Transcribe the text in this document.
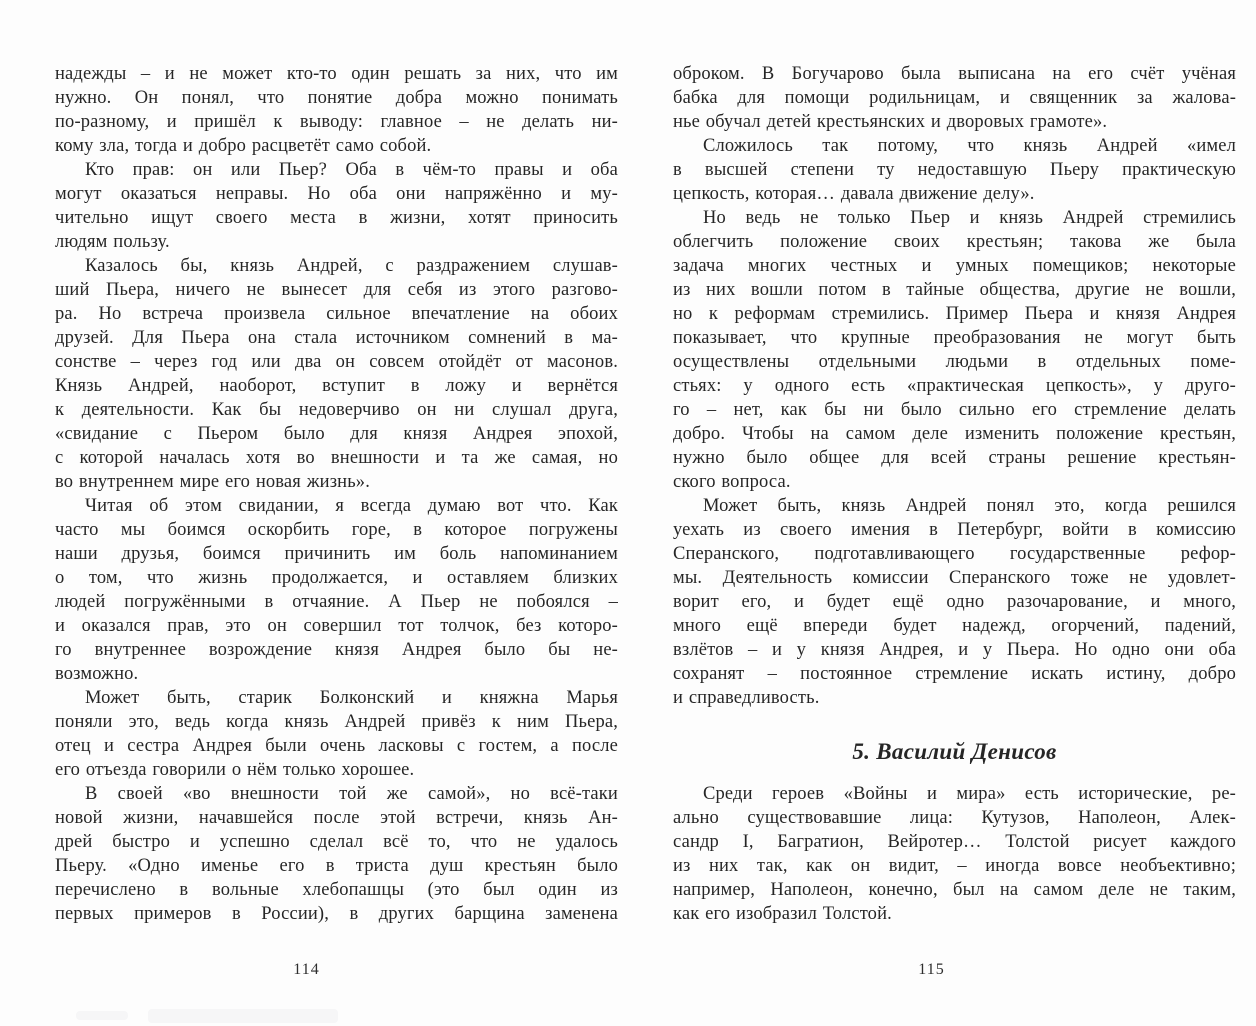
надежды – и не может кто-то один решать за них, что им
нужно. Он понял, что понятие добра можно понимать
по-разному, и пришёл к выводу: главное – не делать ни-
кому зла, тогда и добро расцветёт само собой.
Кто прав: он или Пьер? Оба в чём-то правы и оба
могут оказаться неправы. Но оба они напряжённо и му-
чительно ищут своего места в жизни, хотят приносить
людям пользу.
Казалось бы, князь Андрей, с раздражением слушав-
ший Пьера, ничего не вынесет для себя из этого разгово-
ра. Но встреча произвела сильное впечатление на обоих
друзей. Для Пьера она стала источником сомнений в ма-
сонстве – через год или два он совсем отойдёт от масонов.
Князь Андрей, наоборот, вступит в ложу и вернётся
к деятельности. Как бы недоверчиво он ни слушал друга,
«свидание с Пьером было для князя Андрея эпохой,
с которой началась хотя во внешности и та же самая, но
во внутреннем мире его новая жизнь».
Читая об этом свидании, я всегда думаю вот что. Как
часто мы боимся оскорбить горе, в которое погружены
наши друзья, боимся причинить им боль напоминанием
о том, что жизнь продолжается, и оставляем близких
людей погружёнными в отчаяние. А Пьер не побоялся –
и оказался прав, это он совершил тот толчок, без которо-
го внутреннее возрождение князя Андрея было бы не-
возможно.
Может быть, старик Болконский и княжна Марья
поняли это, ведь когда князь Андрей привёз к ним Пьера,
отец и сестра Андрея были очень ласковы с гостем, а после
его отъезда говорили о нём только хорошее.
В своей «во внешности той же самой», но всё-таки
новой жизни, начавшейся после этой встречи, князь Ан-
дрей быстро и успешно сделал всё то, что не удалось
Пьеру. «Одно именье его в триста душ крестьян было
перечислено в вольные хлебопашцы (это был один из
первых примеров в России), в других барщина заменена
оброком. В Богучарово была выписана на его счёт учёная
бабка для помощи родильницам, и священник за жалова-
нье обучал детей крестьянских и дворовых грамоте».
Сложилось так потому, что князь Андрей «имел
в высшей степени ту недоставшую Пьеру практическую
цепкость, которая… давала движение делу».
Но ведь не только Пьер и князь Андрей стремились
облегчить положение своих крестьян; такова же была
задача многих честных и умных помещиков; некоторые
из них вошли потом в тайные общества, другие не вошли,
но к реформам стремились. Пример Пьера и князя Андрея
показывает, что крупные преобразования не могут быть
осуществлены отдельными людьми в отдельных поме-
стьях: у одного есть «практическая цепкость», у друго-
го – нет, как бы ни было сильно его стремление делать
добро. Чтобы на самом деле изменить положение крестьян,
нужно было общее для всей страны решение крестьян-
ского вопроса.
Может быть, князь Андрей понял это, когда решился
уехать из своего имения в Петербург, войти в комиссию
Сперанского, подготавливающего государственные рефор-
мы. Деятельность комиссии Сперанского тоже не удовлет-
ворит его, и будет ещё одно разочарование, и много,
много ещё впереди будет надежд, огорчений, падений,
взлётов – и у князя Андрея, и у Пьера. Но одно они оба
сохранят – постоянное стремление искать истину, добро
и справедливость.
5. Василий Денисов
Среди героев «Войны и мира» есть исторические, ре-
ально существовавшие лица: Кутузов, Наполеон, Алек-
сандр I, Багратион, Вейротер… Толстой рисует каждого
из них так, как он видит, – иногда вовсе необъективно;
например, Наполеон, конечно, был на самом деле не таким,
как его изобразил Толстой.
114	115
